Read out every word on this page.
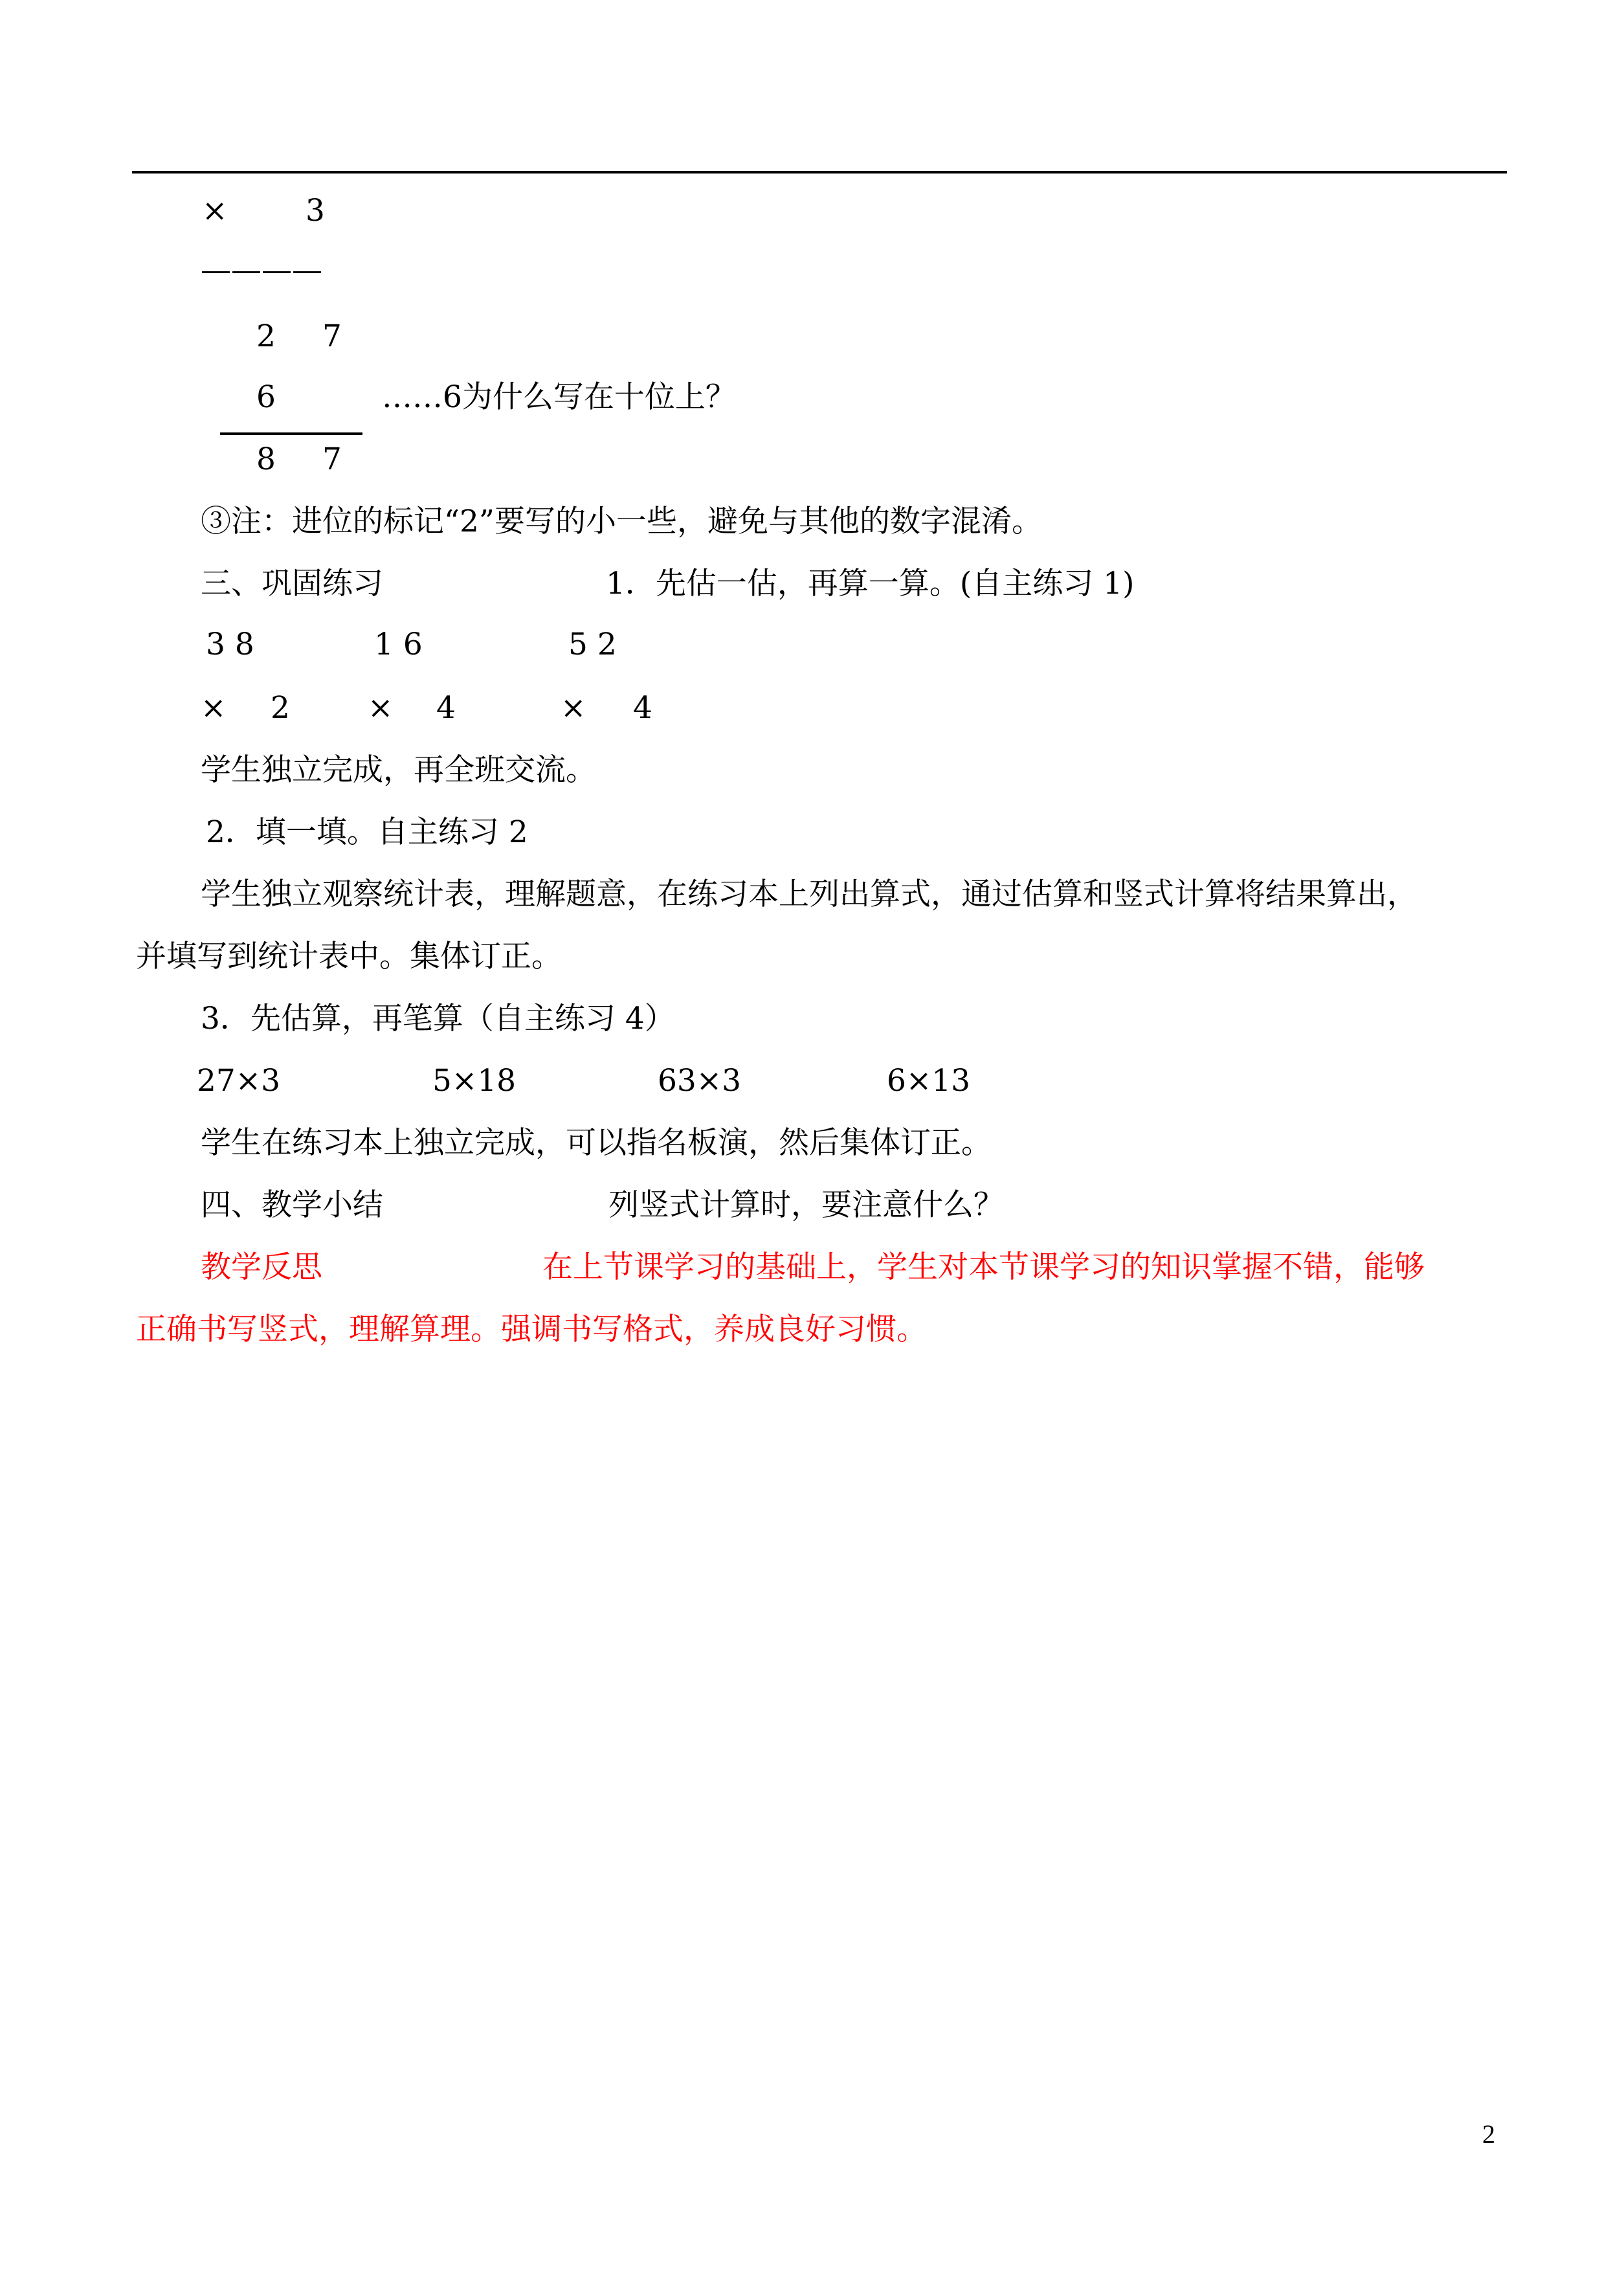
×	3
————
2 7
6	……6为什么写在十位上？
8 7
③注：进位的标记“2”要写的小一些，避免与其他的数字混淆。
三、巩固练习	1．先估一估，再算一算。(自主练习 1)
3 8	1 6	5 2
× 2	× 4	× 4
学生独立完成，再全班交流。
2．填一填。自主练习 2
学生独立观察统计表，理解题意，在练习本上列出算式，通过估算和竖式计算将结果算出，
并填写到统计表中。集体订正。
3．先估算，再笔算（自主练习 4）
27×3	5×18	63×3	6×13
学生在练习本上独立完成，可以指名板演，然后集体订正。
四、教学小结	列竖式计算时，要注意什么？
教学反思	在上节课学习的基础上，学生对本节课学习的知识掌握不错，能够
正确书写竖式，理解算理。强调书写格式，养成良好习惯。
2
